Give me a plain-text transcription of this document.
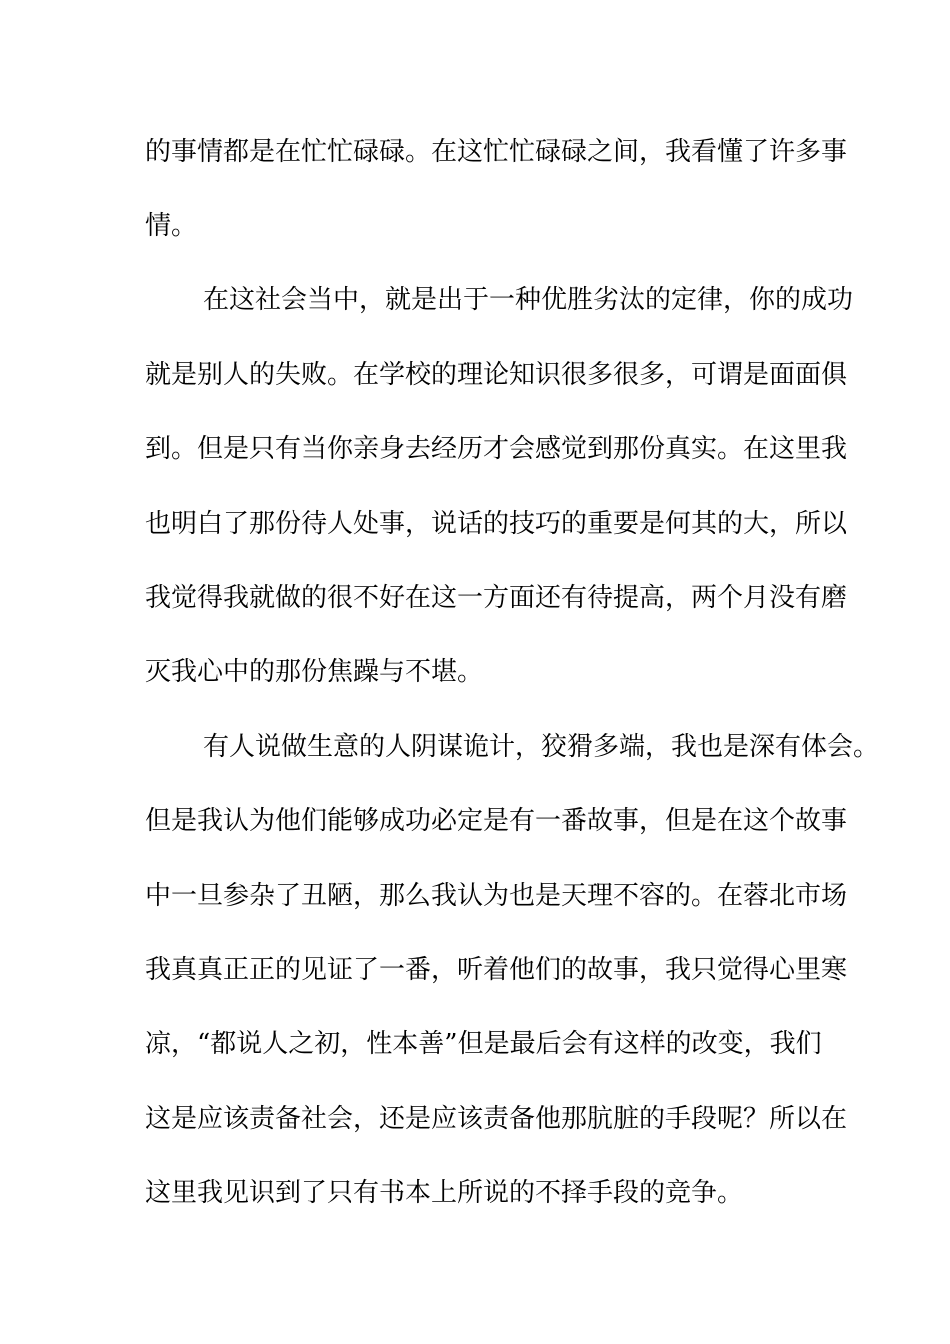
的事情都是在忙忙碌碌。在这忙忙碌碌之间，我看懂了许多事
情。
在这社会当中，就是出于一种优胜劣汰的定律，你的成功
就是别人的失败。在学校的理论知识很多很多，可谓是面面俱
到。但是只有当你亲身去经历才会感觉到那份真实。在这里我
也明白了那份待人处事，说话的技巧的重要是何其的大，所以
我觉得我就做的很不好在这一方面还有待提高，两个月没有磨
灭我心中的那份焦躁与不堪。
有人说做生意的人阴谋诡计，狡猾多端，我也是深有体会。
但是我认为他们能够成功必定是有一番故事，但是在这个故事
中一旦参杂了丑陋，那么我认为也是天理不容的。在蓉北市场
我真真正正的见证了一番，听着他们的故事，我只觉得心里寒
凉，“都说人之初，性本善”但是最后会有这样的改变，我们
这是应该责备社会，还是应该责备他那肮脏的手段呢？所以在
这里我见识到了只有书本上所说的不择手段的竞争。
